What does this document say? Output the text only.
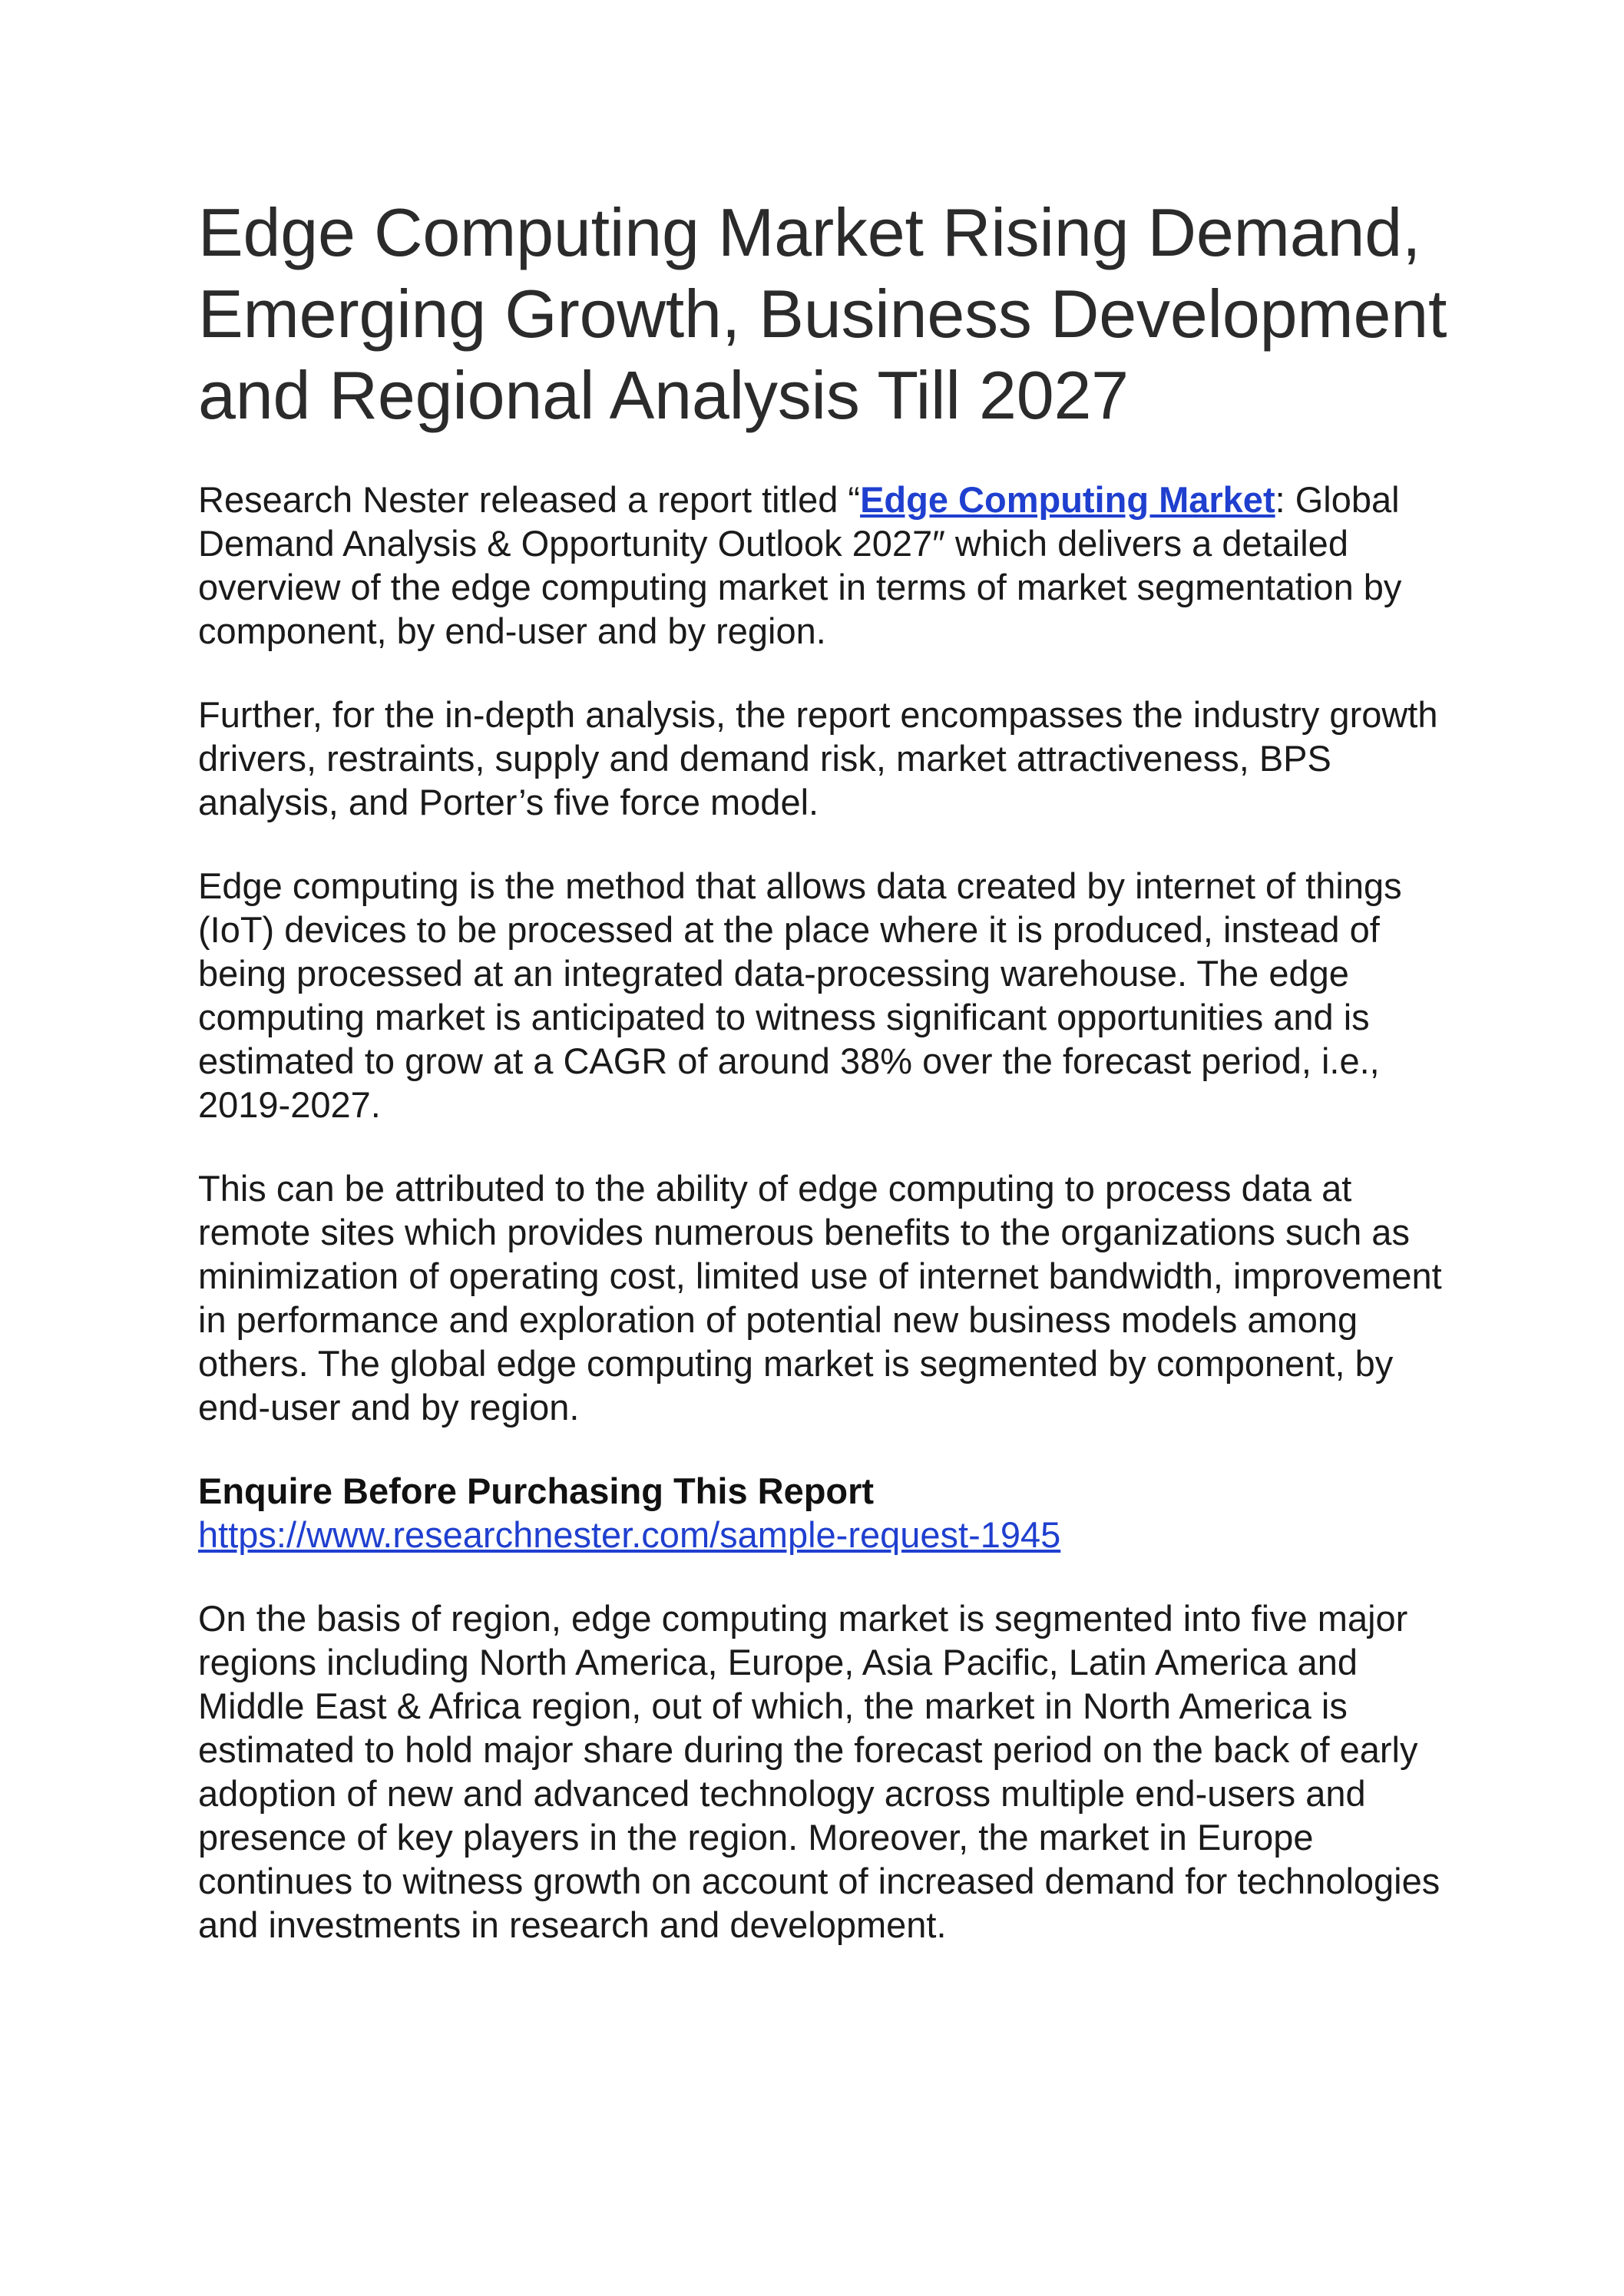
Edge Computing Market Rising Demand, Emerging Growth, Business Development and Regional Analysis Till 2027

Research Nester released a report titled “Edge Computing Market: Global Demand Analysis & Opportunity Outlook 2027″ which delivers a detailed overview of the edge computing market in terms of market segmentation by component, by end-user and by region.

Further, for the in-depth analysis, the report encompasses the industry growth drivers, restraints, supply and demand risk, market attractiveness, BPS analysis, and Porter’s five force model.

Edge computing is the method that allows data created by internet of things (IoT) devices to be processed at the place where it is produced, instead of being processed at an integrated data-processing warehouse. The edge computing market is anticipated to witness significant opportunities and is estimated to grow at a CAGR of around 38% over the forecast period, i.e., 2019-2027.

This can be attributed to the ability of edge computing to process data at remote sites which provides numerous benefits to the organizations such as minimization of operating cost, limited use of internet bandwidth, improvement in performance and exploration of potential new business models among others. The global edge computing market is segmented by component, by end-user and by region.

Enquire Before Purchasing This Report
https://www.researchnester.com/sample-request-1945

On the basis of region, edge computing market is segmented into five major regions including North America, Europe, Asia Pacific, Latin America and Middle East & Africa region, out of which, the market in North America is estimated to hold major share during the forecast period on the back of early adoption of new and advanced technology across multiple end-users and presence of key players in the region. Moreover, the market in Europe continues to witness growth on account of increased demand for technologies and investments in research and development.
